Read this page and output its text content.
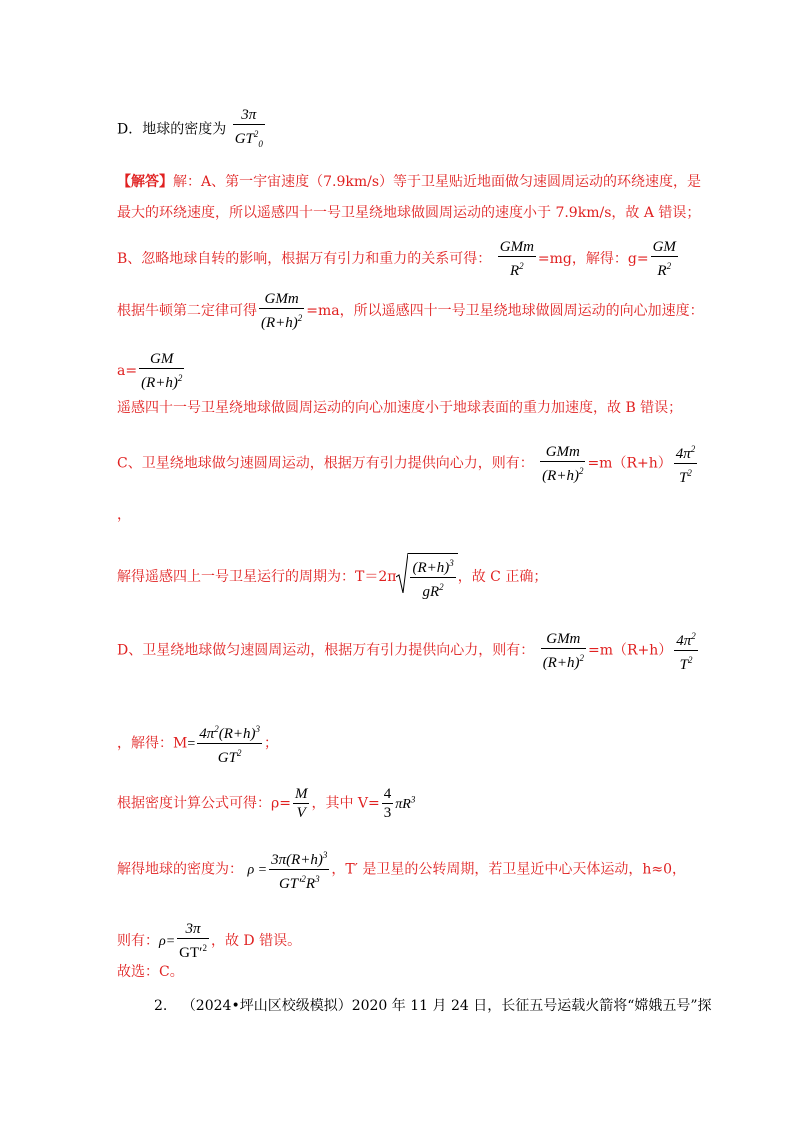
D．地球的密度为 $\frac{3\pi}{GT^2_0}$
【解答】解：A、第一宇宙速度（7.9km/s）等于卫星贴近地面做匀速圆周运动的环绕速度，是
最大的环绕速度，所以遥感四十一号卫星绕地球做圆周运动的速度小于 7.9km/s，故 A 错误；
B、忽略地球自转的影响，根据万有引力和重力的关系可得： $\frac{\text{GMm}}{R^2} =mg$，解得：$g= \frac{GM}{R^2}$
根据牛顿第二定律可得 $\frac{\text{GMm}}{(R+h)^2} =ma$，所以遥感四十一号卫星绕地球做圆周运动的向心加速度：
$a= \frac{GM}{(R+h)^2}$
遥感四十一号卫星绕地球做圆周运动的向心加速度小于地球表面的重力加速度，故 B 错误；
C、卫星绕地球做匀速圆周运动，根据万有引力提供向心力，则有： $\frac{\text{GMm}}{(R+h)^2} =m(R+h) \frac{4\pi^2}{T^2}$
，
解得遥感四上一号卫星运行的周期为：$T=2\pi \frac{(R+h)^3}{gR^2}$ ，故 C 正确；
D、卫星绕地球做匀速圆周运动，根据万有引力提供向心力，则有： $\frac{\text{GMm}}{(R+h)^2} =m(R+h) \frac{4\pi^2}{T^2}$
，解得：$M= \frac{4\pi^2(R+h)^3}{GT^2}$ ；
根据密度计算公式可得：$\rho= \frac{M}{V}$ ，其中 $V= \frac{4}{3} \pi R^3$
解得地球的密度为： $\rho = \frac{3\pi(R+h)^3}{GT'^2R^3}$ ，T′ 是卫星的公转周期，若卫星近中心天体运动，h≈0，
则有：$\rho= \frac{3\pi}{GT'^2}$ ，故 D 错误。
故选：C。
2. （2024•坪山区校级模拟）2020 年 11 月 24 日，长征五号运载火箭将“嫦娥五号”探
